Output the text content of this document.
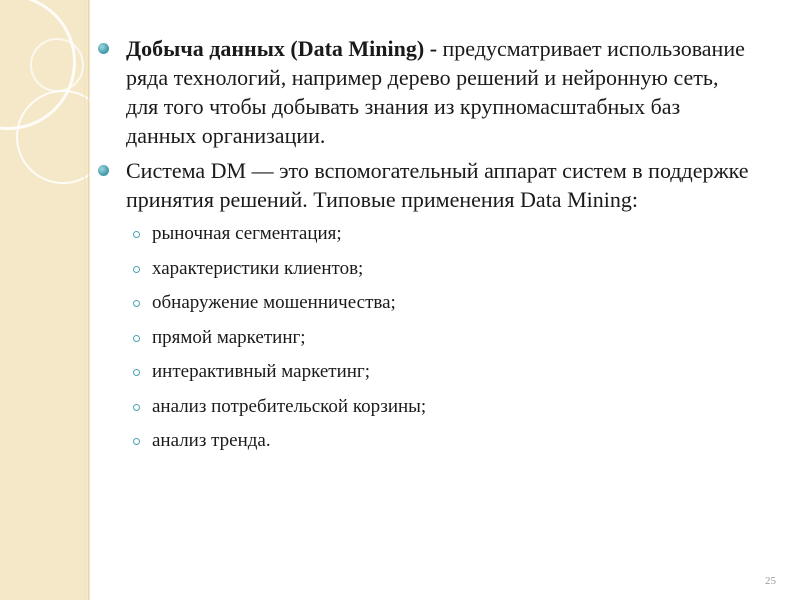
Добыча данных (Data Mining) - предусматривает использование ряда технологий, например дерево решений и нейронную сеть, для того чтобы добывать знания из крупномасштабных баз данных организации.
Система DM — это вспомогательный аппарат систем в поддержке принятия решений. Типовые применения Data Mining:
рыночная сегментация;
характеристики клиентов;
обнаружение мошенничества;
прямой маркетинг;
интерактивный маркетинг;
анализ потребительской корзины;
анализ тренда.
25
